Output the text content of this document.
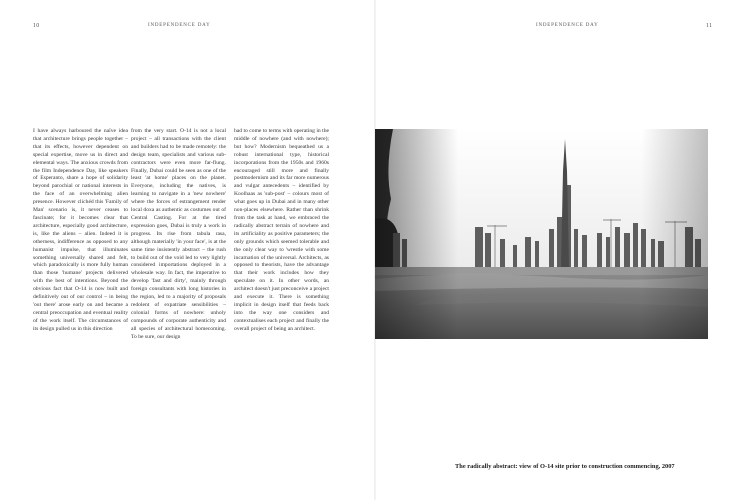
10	INDEPENDENCE DAY

I have always harboured the naïve idea that architecture brings people together – that its effects, however dependent on special expertise, move us in direct and elemental ways. The anxious crowds from the film Independence Day, like speakers of Esperanto, share a hope of solidarity beyond parochial or national interests in the face of an overwhelming alien presence. However clichéd this 'Family of Man' scenario is, it never ceases to fascinate; for it becomes clear that architecture, especially good architecture, is, like the aliens – alien. Indeed it is otherness, indifference as opposed to any humanist impulse, that illuminates something universally shared and felt, which paradoxically is more fully human than those 'humane' projects delivered with the best of intentions. Beyond the obvious fact that O-14 is now built and definitively out of our control – in being 'out there' arose early on and became a central preoccupation and eventual reality of the work itself. The circumstances of its design pulled us in this direction

from the very start. O-14 is not a local project – all transactions with the client and builders had to be made remotely: the design team, specialists and various sub-contractors were even more far-flung. Finally, Dubai could be seen as one of the least 'at home' places on the planet. Everyone, including the natives, is learning to navigate in a 'new nowhere' where the forces of estrangement render local doxa as authentic as costumes out of Central Casting. For at the tired expression goes, Dubai is truly a work in progress. Its rise from tabula rasa, although materially 'in your face', is at the same time insistently abstract – the rush to build out of the void led to very lightly considered importations deployed in a wholesale way. In fact, the imperative to develop 'fast and dirty', mainly through foreign consultants with long histories in the region, led to a majority of proposals redolent of expatriate sensibilities – colonial forms of nowhere: unholy compounds of corporate authenticity and all species of architectural homecoming. To be sure, our design

INDEPENDENCE DAY	11

had to come to terms with operating in the middle of nowhere (and with nowhere); but how? Modernism bequeathed us a robust international type, historical incorporations from the 1950s and 1960s encouraged still more and finally postmodernism and its far more numerous and vulgar antecedents – identified by Koolhaas as 'sub-post' – colours most of what goes up in Dubai and in many other non-places elsewhere. Rather than shrink from the task at hand, we embraced the radically abstract terrain of nowhere and its artificiality as positive parameters; the only grounds which seemed tolerable and the only clear way to 'wrestle with some incarnation of the universal. Architects, as opposed to theorists, have the advantage that their work includes how they speculate on it. In other words, an architect doesn't just preconceive a project and execute it. There is something implicit in design itself that feeds back into the way one considers and contextualises each project and finally the overall project of being an architect.

The radically abstract: view of O-14 site prior to construction commencing, 2007
